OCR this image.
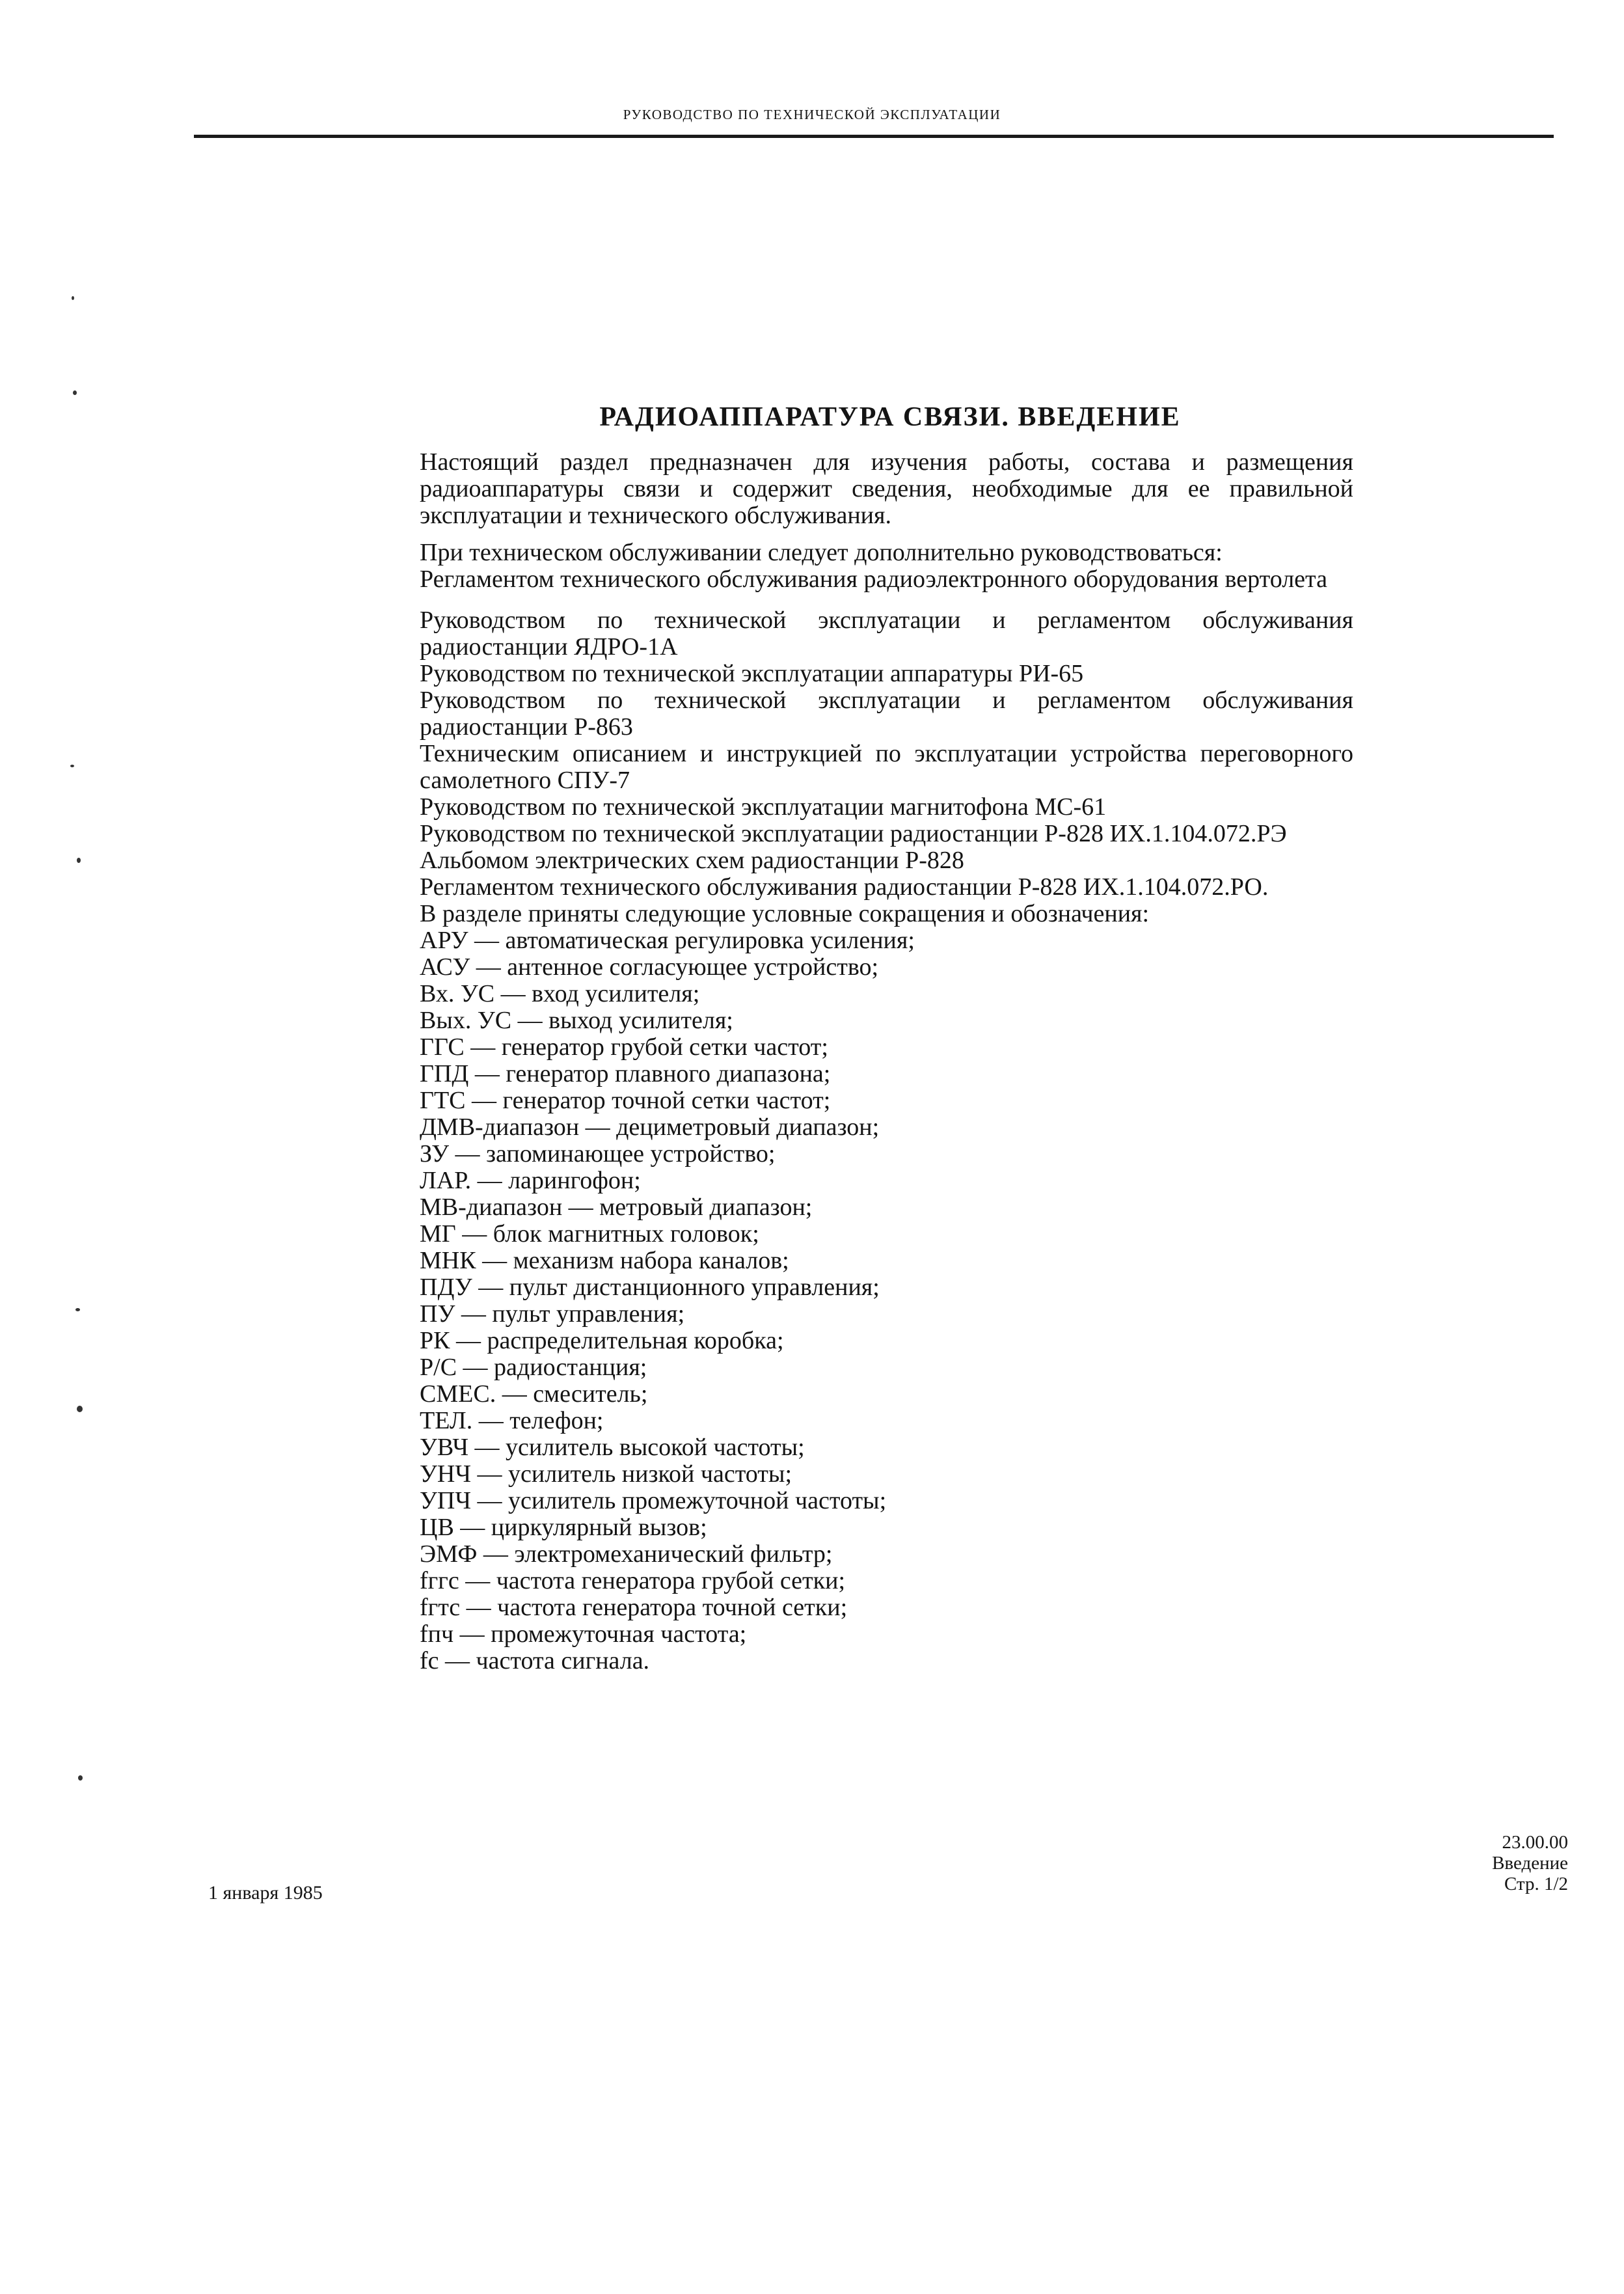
РУКОВОДСТВО ПО ТЕХНИЧЕСКОЙ ЭКСПЛУАТАЦИИ
РАДИОАППАРАТУРА СВЯЗИ. ВВЕДЕНИЕ

Настоящий раздел предназначен для изучения работы, состава и размещения радиоаппаратуры связи и содержит сведения, необходимые для ее правильной эксплуатации и технического обслуживания.

При техническом обслуживании следует дополнительно руководствоваться:

Регламентом технического обслуживания радиоэлектронного оборудования вертолета

Руководством по технической эксплуатации и регламентом обслуживания радиостанции ЯДРО-1А

Руководством по технической эксплуатации аппаратуры РИ-65

Руководством по технической эксплуатации и регламентом обслуживания радиостанции Р-863

Техническим описанием и инструкцией по эксплуатации устройства переговорного самолетного СПУ-7

Руководством по технической эксплуатации магнитофона МС-61

Руководством по технической эксплуатации радиостанции Р-828 ИХ.1.104.072.РЭ

Альбомом электрических схем радиостанции Р-828

Регламентом технического обслуживания радиостанции Р-828 ИХ.1.104.072.РО.

В разделе приняты следующие условные сокращения и обозначения:

АРУ — автоматическая регулировка усиления;
АСУ — антенное согласующее устройство;
Вх. УС — вход усилителя;
Вых. УС — выход усилителя;
ГГС — генератор грубой сетки частот;
ГПД — генератор плавного диапазона;
ГТС — генератор точной сетки частот;
ДМВ-диапазон — дециметровый диапазон;
ЗУ — запоминающее устройство;
ЛАР. — ларингофон;
МВ-диапазон — метровый диапазон;
МГ — блок магнитных головок;
МНК — механизм набора каналов;
ПДУ — пульт дистанционного управления;
ПУ — пульт управления;
РК — распределительная коробка;
Р/С — радиостанция;
СМЕС. — смеситель;
ТЕЛ. — телефон;
УВЧ — усилитель высокой частоты;
УНЧ — усилитель низкой частоты;
УПЧ — усилитель промежуточной частоты;
ЦВ — циркулярный вызов;
ЭМФ — электромеханический фильтр;
fггс — частота генератора грубой сетки;
fгтс — частота генератора точной сетки;
fпч — промежуточная частота;
fс — частота сигнала.
23.00.00
Введение
Стр. 1/2
1 января 1985
